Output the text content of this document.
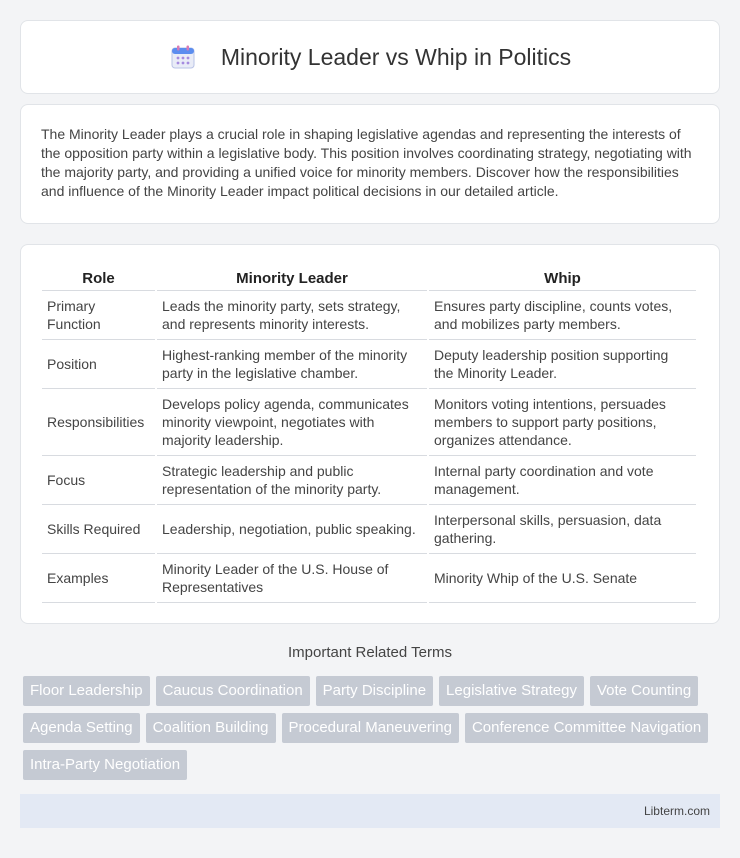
Minority Leader vs Whip in Politics

The Minority Leader plays a crucial role in shaping legislative agendas and representing the interests of the opposition party within a legislative body. This position involves coordinating strategy, negotiating with the majority party, and providing a unified voice for minority members. Discover how the responsibilities and influence of the Minority Leader impact political decisions in our detailed article.

Role	Minority Leader	Whip
Primary Function	Leads the minority party, sets strategy, and represents minority interests.	Ensures party discipline, counts votes, and mobilizes party members.
Position	Highest-ranking member of the minority party in the legislative chamber.	Deputy leadership position supporting the Minority Leader.
Responsibilities	Develops policy agenda, communicates minority viewpoint, negotiates with majority leadership.	Monitors voting intentions, persuades members to support party positions, organizes attendance.
Focus	Strategic leadership and public representation of the minority party.	Internal party coordination and vote management.
Skills Required	Leadership, negotiation, public speaking.	Interpersonal skills, persuasion, data gathering.
Examples	Minority Leader of the U.S. House of Representatives	Minority Whip of the U.S. Senate
Important Related Terms
Floor Leadership	Caucus Coordination	Party Discipline	Legislative Strategy	Vote Counting
Agenda Setting	Coalition Building	Procedural Maneuvering	Conference Committee Navigation
Intra-Party Negotiation
Libterm.com
